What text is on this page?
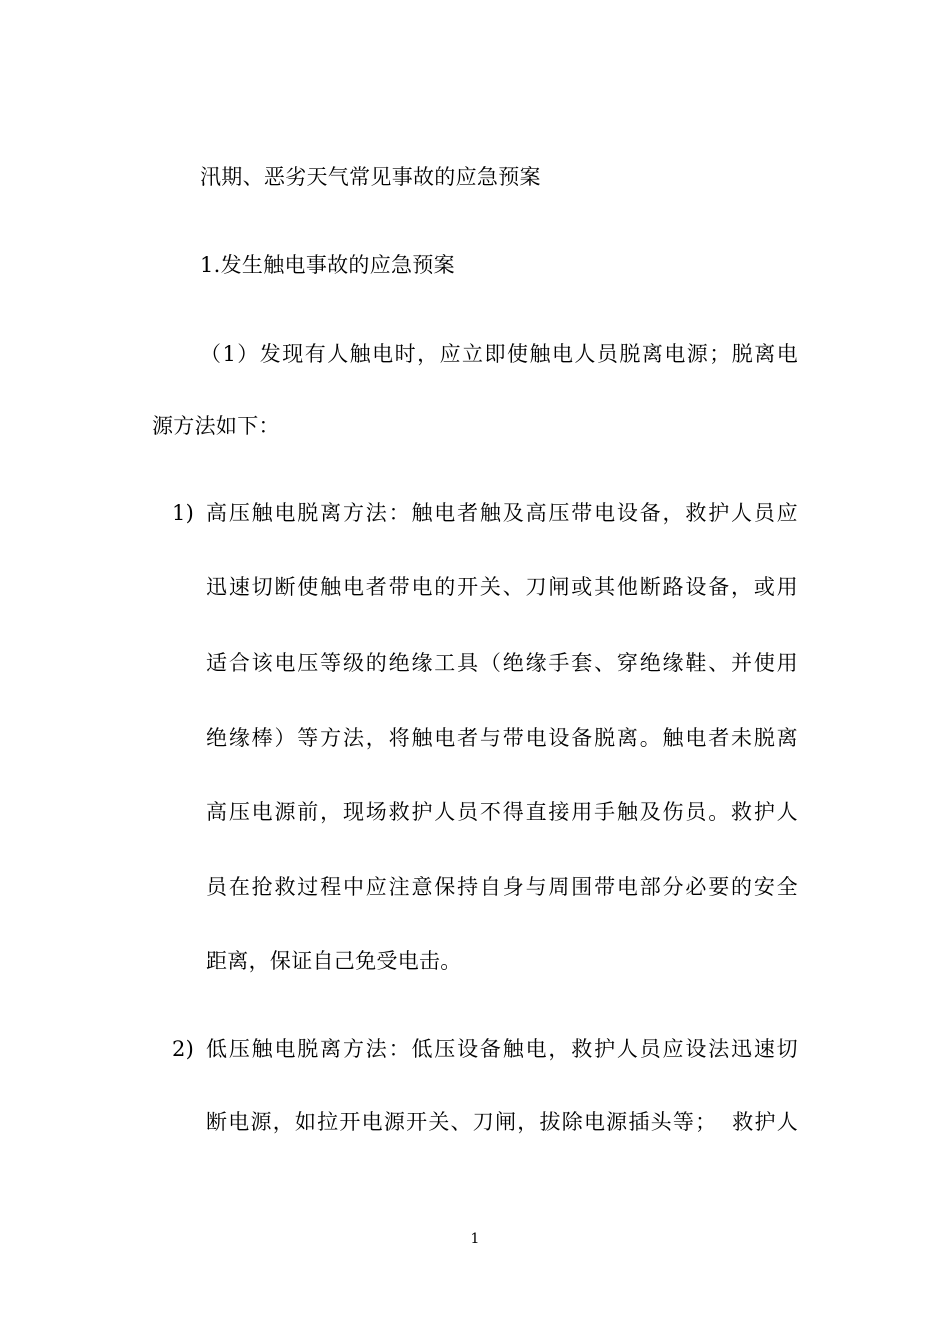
汛期、恶劣天气常见事故的应急预案
1.发生触电事故的应急预案
（1）发现有人触电时，应立即使触电人员脱离电源；脱离电
源方法如下：
1) 高压触电脱离方法：触电者触及高压带电设备，救护人员应
迅速切断使触电者带电的开关、刀闸或其他断路设备，或用
适合该电压等级的绝缘工具（绝缘手套、穿绝缘鞋、并使用
绝缘棒）等方法，将触电者与带电设备脱离。触电者未脱离
高压电源前，现场救护人员不得直接用手触及伤员。救护人
员在抢救过程中应注意保持自身与周围带电部分必要的安全
距离，保证自己免受电击。
2) 低压触电脱离方法：低压设备触电，救护人员应设法迅速切
断电源，如拉开电源开关、刀闸，拔除电源插头等；  救护人
1
